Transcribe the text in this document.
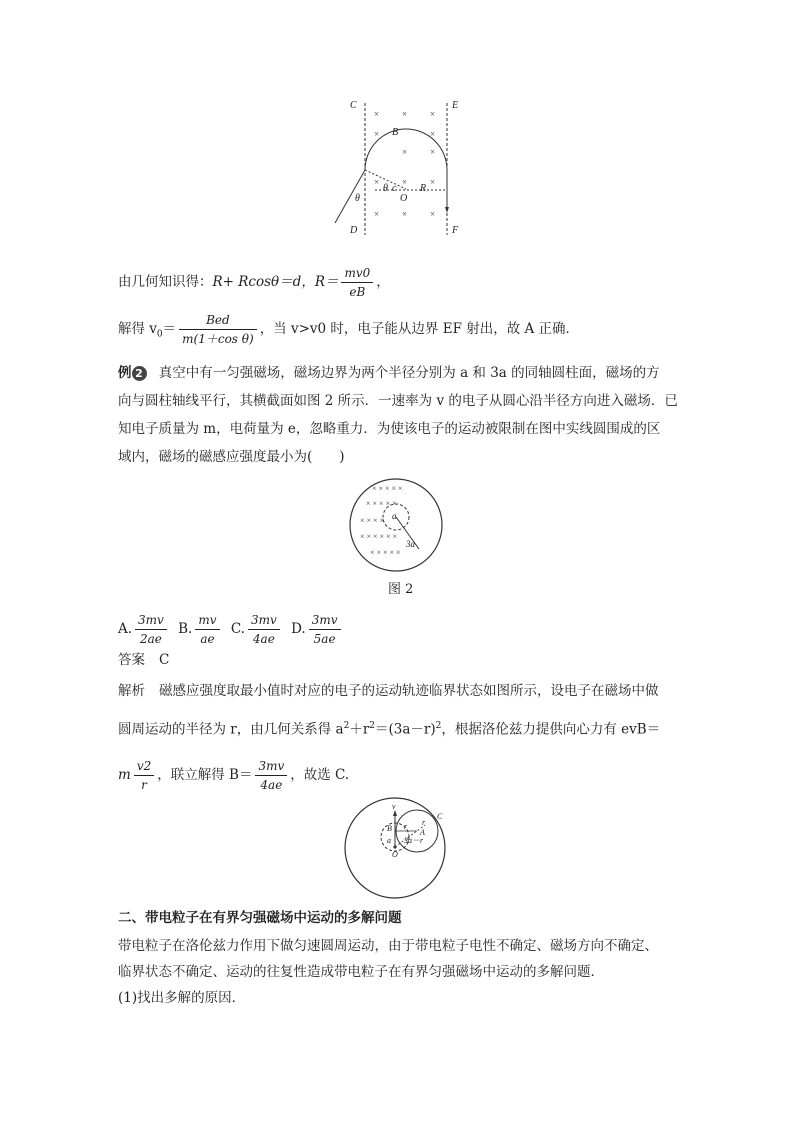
×	×	×
×	×
×	×
×	×	×
×	×	×
C	E
B
R
O
θ
θ c
D	F
由几何知识得：R+ Rcosθ＝d，$R= \frac{mv0}{eB}$ ，
解得 $v_0= \frac{\text{Bed}}{\text{m(1＋cos θ)}}$ ，当 v>v0 时，电子能从边界 EF 射出，故 A 正确．
例 2 真空中有一匀强磁场，磁场边界为两个半径分别为 a 和 3a 的同轴圆柱面，磁场的方
向与圆柱轴线平行，其横截面如图 2 所示．一速率为 v 的电子从圆心沿半径方向进入磁场．已
知电子质量为 m，电荷量为 e，忽略重力．为使该电子的运动被限制在图中实线圆围成的区
域内，磁场的磁感应强度最小为(　　)
× × × × ×
× × × × ×
× × × ×
× × × × × ×
× × × × ×
a
3a
图 2
A. $\frac{3mv}{2ae} B$. $\frac{mv}{ae} C$. $\frac{3mv}{4ae} D$. $\frac{3mv}{5ae}$
答案 C
解析 磁感应强度取最小值时对应的电子的运动轨迹临界状态如图所示，设电子在磁场中做
圆周运动的半径为 r，由几何关系得 $a^2+r^2=(3a-r)^2$，根据洛伦兹力提供向心力有 evB＝
m $\frac{v2}{r}$ ，联立解得 $B= \frac{3mv}{4ae}$ ，故选 C.
v
C
B r r
A
a
O
3a－r
二、带电粒子在有界匀强磁场中运动的多解问题
带电粒子在洛伦兹力作用下做匀速圆周运动，由于带电粒子电性不确定、磁场方向不确定、
临界状态不确定、运动的往复性造成带电粒子在有界匀强磁场中运动的多解问题．
(1)找出多解的原因．
